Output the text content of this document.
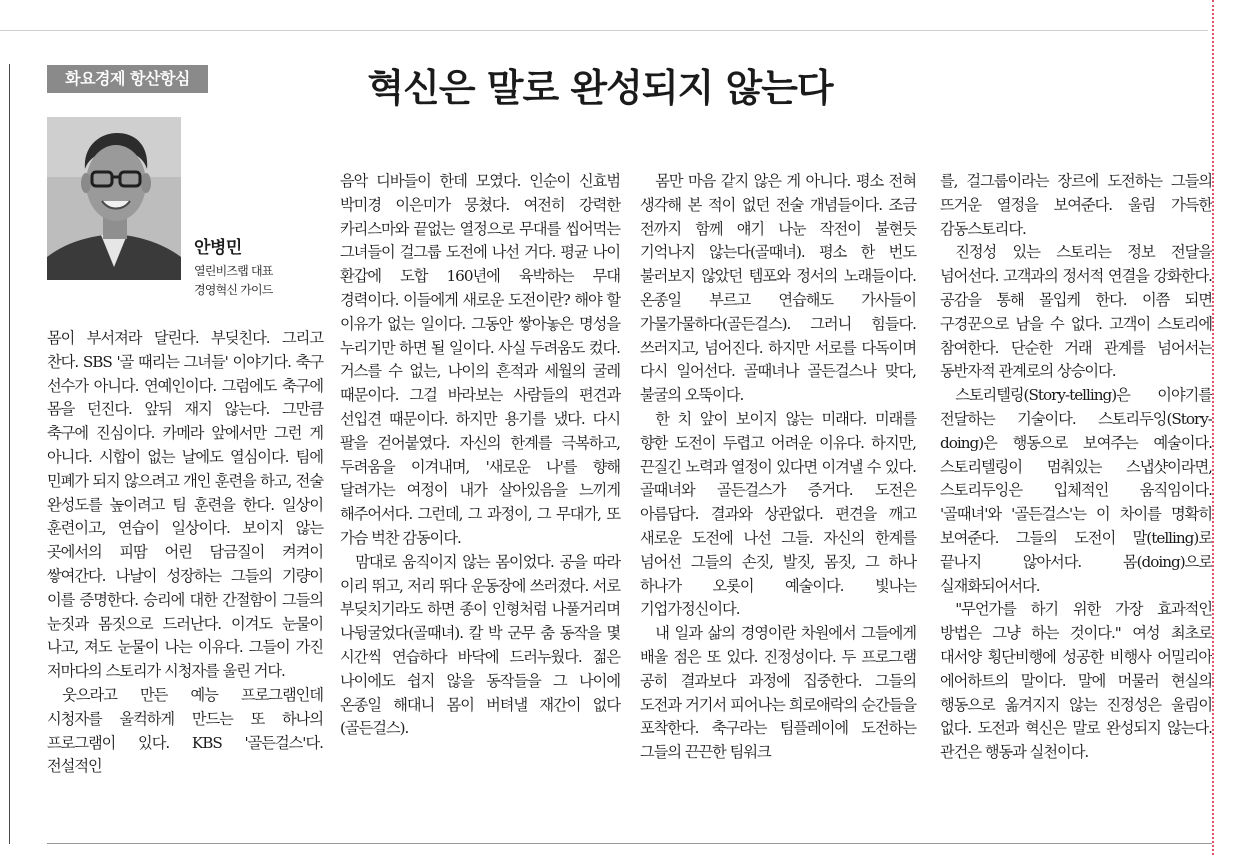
화요경제 항산항심	혁신은 말로 완성되지 않는다
안병민
열린비즈랩 대표
경영혁신 가이드

몸이 부서져라 달린다. 부딪친다. 그리고 찬다. SBS '골 때리는 그녀들' 이야기다. 축구 선수가 아니다. 연예인이다. 그럼에도 축구에 몸을 던진다. 앞뒤 재지 않는다. 그만큼 축구에 진심이다. 카메라 앞에서만 그런 게 아니다. 시합이 없는 날에도 열심이다. 팀에 민폐가 되지 않으려고 개인 훈련을 하고, 전술 완성도를 높이려고 팀 훈련을 한다. 일상이 훈련이고, 연습이 일상이다. 보이지 않는 곳에서의 피땀 어린 담금질이 켜켜이 쌓여간다. 나날이 성장하는 그들의 기량이 이를 증명한다. 승리에 대한 간절함이 그들의 눈짓과 몸짓으로 드러난다. 이겨도 눈물이 나고, 져도 눈물이 나는 이유다. 그들이 가진 저마다의 스토리가 시청자를 울린 거다.

웃으라고 만든 예능 프로그램인데 시청자를 울컥하게 만드는 또 하나의 프로그램이 있다. KBS '골든걸스'다. 전설적인

음악 디바들이 한데 모였다. 인순이 신효범 박미경 이은미가 뭉쳤다. 여전히 강력한 카리스마와 끝없는 열정으로 무대를 씹어먹는 그녀들이 걸그룹 도전에 나선 거다. 평균 나이 환갑에 도합 160년에 육박하는 무대 경력이다. 이들에게 새로운 도전이란? 해야 할 이유가 없는 일이다. 그동안 쌓아놓은 명성을 누리기만 하면 될 일이다. 사실 두려움도 컸다. 거스를 수 없는, 나이의 흔적과 세월의 굴레 때문이다. 그걸 바라보는 사람들의 편견과 선입견 때문이다. 하지만 용기를 냈다. 다시 팔을 걷어붙였다. 자신의 한계를 극복하고, 두려움을 이겨내며, '새로운 나'를 향해 달려가는 여정이 내가 살아있음을 느끼게 해주어서다. 그런데, 그 과정이, 그 무대가, 또 가슴 벅찬 감동이다.

맘대로 움직이지 않는 몸이었다. 공을 따라 이리 뛰고, 저리 뛰다 운동장에 쓰러졌다. 서로 부딪치기라도 하면 종이 인형처럼 나풀거리며 나뒹굴었다(골때녀). 칼 박 군무 춤 동작을 몇 시간씩 연습하다 바닥에 드러누웠다. 젊은 나이에도 쉽지 않을 동작들을 그 나이에 온종일 해대니 몸이 버텨낼 재간이 없다(골든걸스).

몸만 마음 같지 않은 게 아니다. 평소 전혀 생각해 본 적이 없던 전술 개념들이다. 조금 전까지 함께 얘기 나눈 작전이 불현듯 기억나지 않는다(골때녀). 평소 한 번도 불러보지 않았던 템포와 정서의 노래들이다. 온종일 부르고 연습해도 가사들이 가물가물하다(골든걸스). 그러니 힘들다. 쓰러지고, 넘어진다. 하지만 서로를 다독이며 다시 일어선다. 골때녀나 골든걸스나 맞다, 불굴의 오뚝이다.

한 치 앞이 보이지 않는 미래다. 미래를 향한 도전이 두렵고 어려운 이유다. 하지만, 끈질긴 노력과 열정이 있다면 이겨낼 수 있다. 골때녀와 골든걸스가 증거다. 도전은 아름답다. 결과와 상관없다. 편견을 깨고 새로운 도전에 나선 그들. 자신의 한계를 넘어선 그들의 손짓, 발짓, 몸짓, 그 하나 하나가 오롯이 예술이다. 빛나는 기업가정신이다.

내 일과 삶의 경영이란 차원에서 그들에게 배울 점은 또 있다. 진정성이다. 두 프로그램 공히 결과보다 과정에 집중한다. 그들의 도전과 거기서 피어나는 희로애락의 순간들을 포착한다. 축구라는 팀플레이에 도전하는 그들의 끈끈한 팀워크

를, 걸그룹이라는 장르에 도전하는 그들의 뜨거운 열정을 보여준다. 울림 가득한 감동스토리다.

진정성 있는 스토리는 정보 전달을 넘어선다. 고객과의 정서적 연결을 강화한다. 공감을 통해 몰입케 한다. 이쯤 되면 구경꾼으로 남을 수 없다. 고객이 스토리에 참여한다. 단순한 거래 관계를 넘어서는 동반자적 관계로의 상승이다.

스토리텔링(Story-telling)은 이야기를 전달하는 기술이다. 스토리두잉(Story-doing)은 행동으로 보여주는 예술이다. 스토리텔링이 멈춰있는 스냅샷이라면, 스토리두잉은 입체적인 움직임이다. '골때녀'와 '골든걸스'는 이 차이를 명확히 보여준다. 그들의 도전이 말(telling)로 끝나지 않아서다. 몸(doing)으로 실재화되어서다.

"무언가를 하기 위한 가장 효과적인 방법은 그냥 하는 것이다." 여성 최초로 대서양 횡단비행에 성공한 비행사 어밀리아 에어하트의 말이다. 말에 머물러 현실의 행동으로 옮겨지지 않는 진정성은 울림이 없다. 도전과 혁신은 말로 완성되지 않는다. 관건은 행동과 실천이다.
